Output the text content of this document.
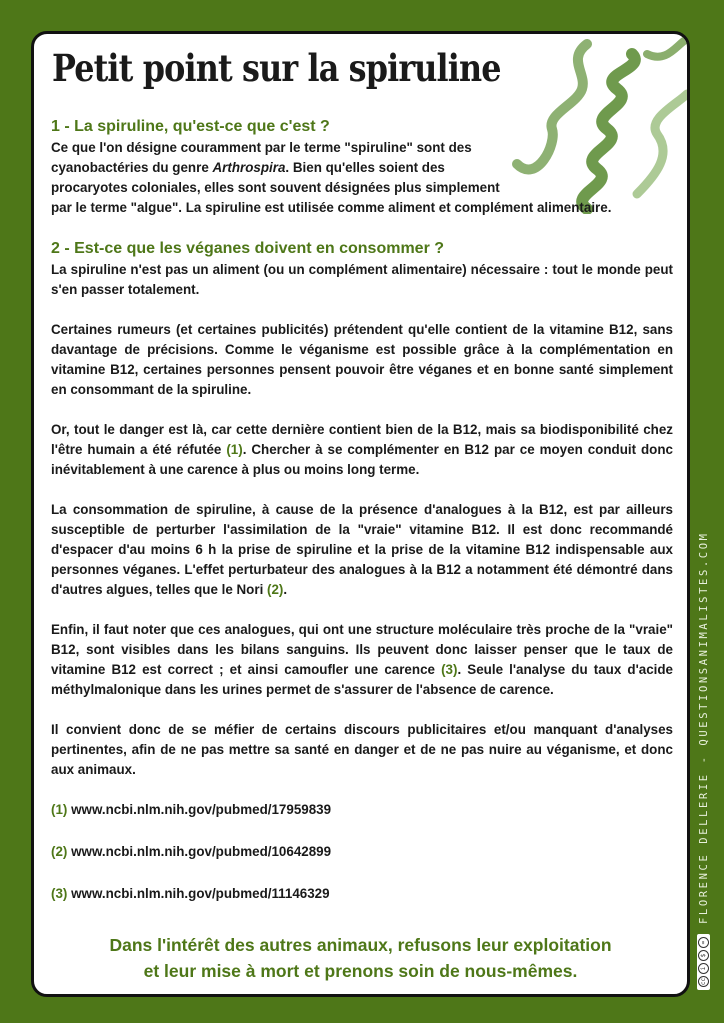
Petit point sur la spiruline

1 - La spiruline, qu'est-ce que c'est ?

Ce que l'on désigne couramment par le terme "spiruline" sont des
cyanobactéries du genre Arthrospira. Bien qu'elles soient des
procaryotes coloniales, elles sont souvent désignées plus simplement
par le terme "algue". La spiruline est utilisée comme aliment et complément alimentaire.

2 - Est-ce que les véganes doivent en consommer ?

La spiruline n'est pas un aliment (ou un complément alimentaire) nécessaire : tout le monde peut s'en passer totalement.

Certaines rumeurs (et certaines publicités) prétendent qu'elle contient de la vitamine B12, sans davantage de précisions. Comme le véganisme est possible grâce à la complémentation en vitamine B12, certaines personnes pensent pouvoir être véganes et en bonne santé simplement en consommant de la spiruline.

Or, tout le danger est là, car cette dernière contient bien de la B12, mais sa biodisponibilité chez l'être humain a été réfutée (1). Chercher à se complémenter en B12 par ce moyen conduit donc inévitablement à une carence à plus ou moins long terme.

La consommation de spiruline, à cause de la présence d'analogues à la B12, est par ailleurs susceptible de perturber l'assimilation de la "vraie" vitamine B12. Il est donc recommandé d'espacer d'au moins 6 h la prise de spiruline et la prise de la vitamine B12 indispensable aux personnes véganes. L'effet perturbateur des analogues à la B12 a notamment été démontré dans d'autres algues, telles que le Nori (2).

Enfin, il faut noter que ces analogues, qui ont une structure moléculaire très proche de la "vraie" B12, sont visibles dans les bilans sanguins. Ils peuvent donc laisser penser que le taux de vitamine B12 est correct ; et ainsi camoufler une carence (3). Seule l'analyse du taux d'acide méthylmalonique dans les urines permet de s'assurer de l'absence de carence.

Il convient donc de se méfier de certains discours publicitaires et/ou manquant d'analyses pertinentes, afin de ne pas mettre sa santé en danger et de ne pas nuire au véganisme, et donc aux animaux.

(1) www.ncbi.nlm.nih.gov/pubmed/17959839

(2) www.ncbi.nlm.nih.gov/pubmed/10642899

(3) www.ncbi.nlm.nih.gov/pubmed/11146329

Dans l'intérêt des autres animaux, refusons leur exploitation
et leur mise à mort et prenons soin de nous-mêmes.
cc
i
$
=
FLORENCE DELLERIE - QUESTIONSANIMALISTES.COM
